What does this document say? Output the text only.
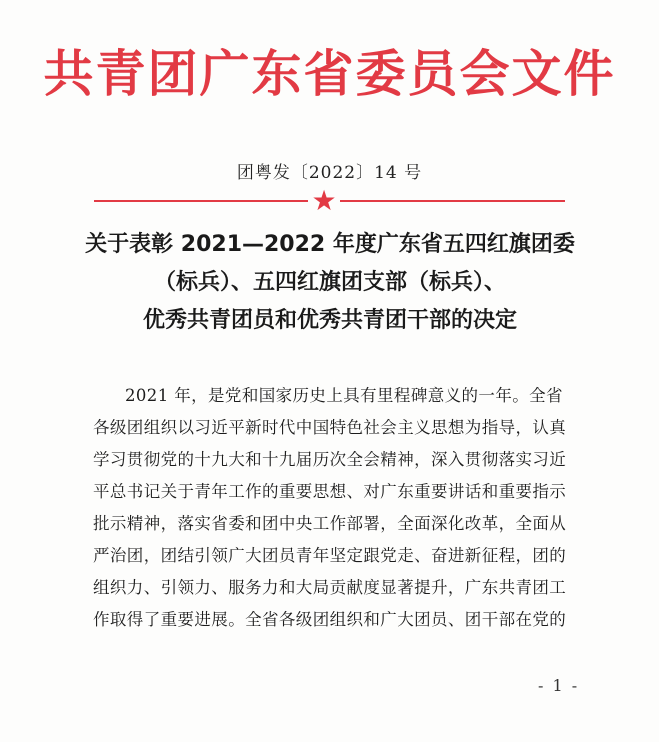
共青团广东省委员会文件
团粤发〔2022〕14 号
★
关于表彰 2021—2022 年度广东省五四红旗团委
（标兵）、五四红旗团支部（标兵）、
优秀共青团员和优秀共青团干部的决定
2021 年，是党和国家历史上具有里程碑意义的一年。全省
各级团组织以习近平新时代中国特色社会主义思想为指导，认真
学习贯彻党的十九大和十九届历次全会精神，深入贯彻落实习近
平总书记关于青年工作的重要思想、对广东重要讲话和重要指示
批示精神，落实省委和团中央工作部署，全面深化改革，全面从
严治团，团结引领广大团员青年坚定跟党走、奋进新征程，团的
组织力、引领力、服务力和大局贡献度显著提升，广东共青团工
作取得了重要进展。全省各级团组织和广大团员、团干部在党的
- 1 -
